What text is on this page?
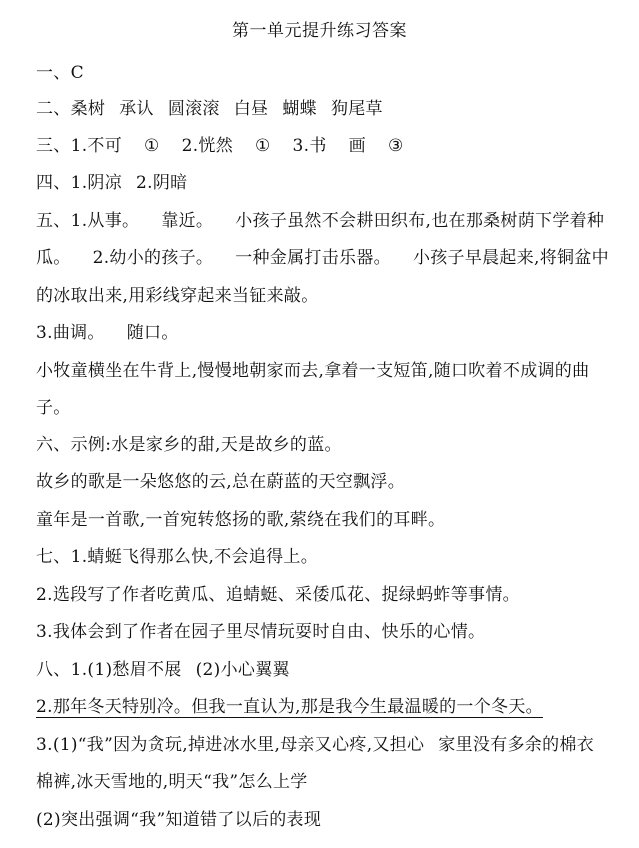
第一单元提升练习答案
一、C
二、桑树 承认 圆滚滚 白昼 蝴蝶 狗尾草
三、1.不可 ① 2.恍然 ① 3.书 画 ③
四、1.阴凉 2.阴暗
五、1.从事。 靠近。 小孩子虽然不会耕田织布,也在那桑树荫下学着种
瓜。 2.幼小的孩子。 一种金属打击乐器。 小孩子早晨起来,将铜盆中
的冰取出来,用彩线穿起来当钲来敲。
3.曲调。 随口。
小牧童横坐在牛背上,慢慢地朝家而去,拿着一支短笛,随口吹着不成调的曲
子。
六、示例:水是家乡的甜,天是故乡的蓝。
故乡的歌是一朵悠悠的云,总在蔚蓝的天空飘浮。
童年是一首歌,一首宛转悠扬的歌,萦绕在我们的耳畔。
七、1.蜻蜓飞得那么快,不会追得上。
2.选段写了作者吃黄瓜、追蜻蜓、采倭瓜花、捉绿蚂蚱等事情。
3.我体会到了作者在园子里尽情玩耍时自由、快乐的心情。
八、1.(1)愁眉不展 (2)小心翼翼
2.那年冬天特别冷。但我一直认为,那是我今生最温暖的一个冬天。
3.(1)“我”因为贪玩,掉进冰水里,母亲又心疼,又担心 家里没有多余的棉衣
棉裤,冰天雪地的,明天“我”怎么上学
(2)突出强调“我”知道错了以后的表现
